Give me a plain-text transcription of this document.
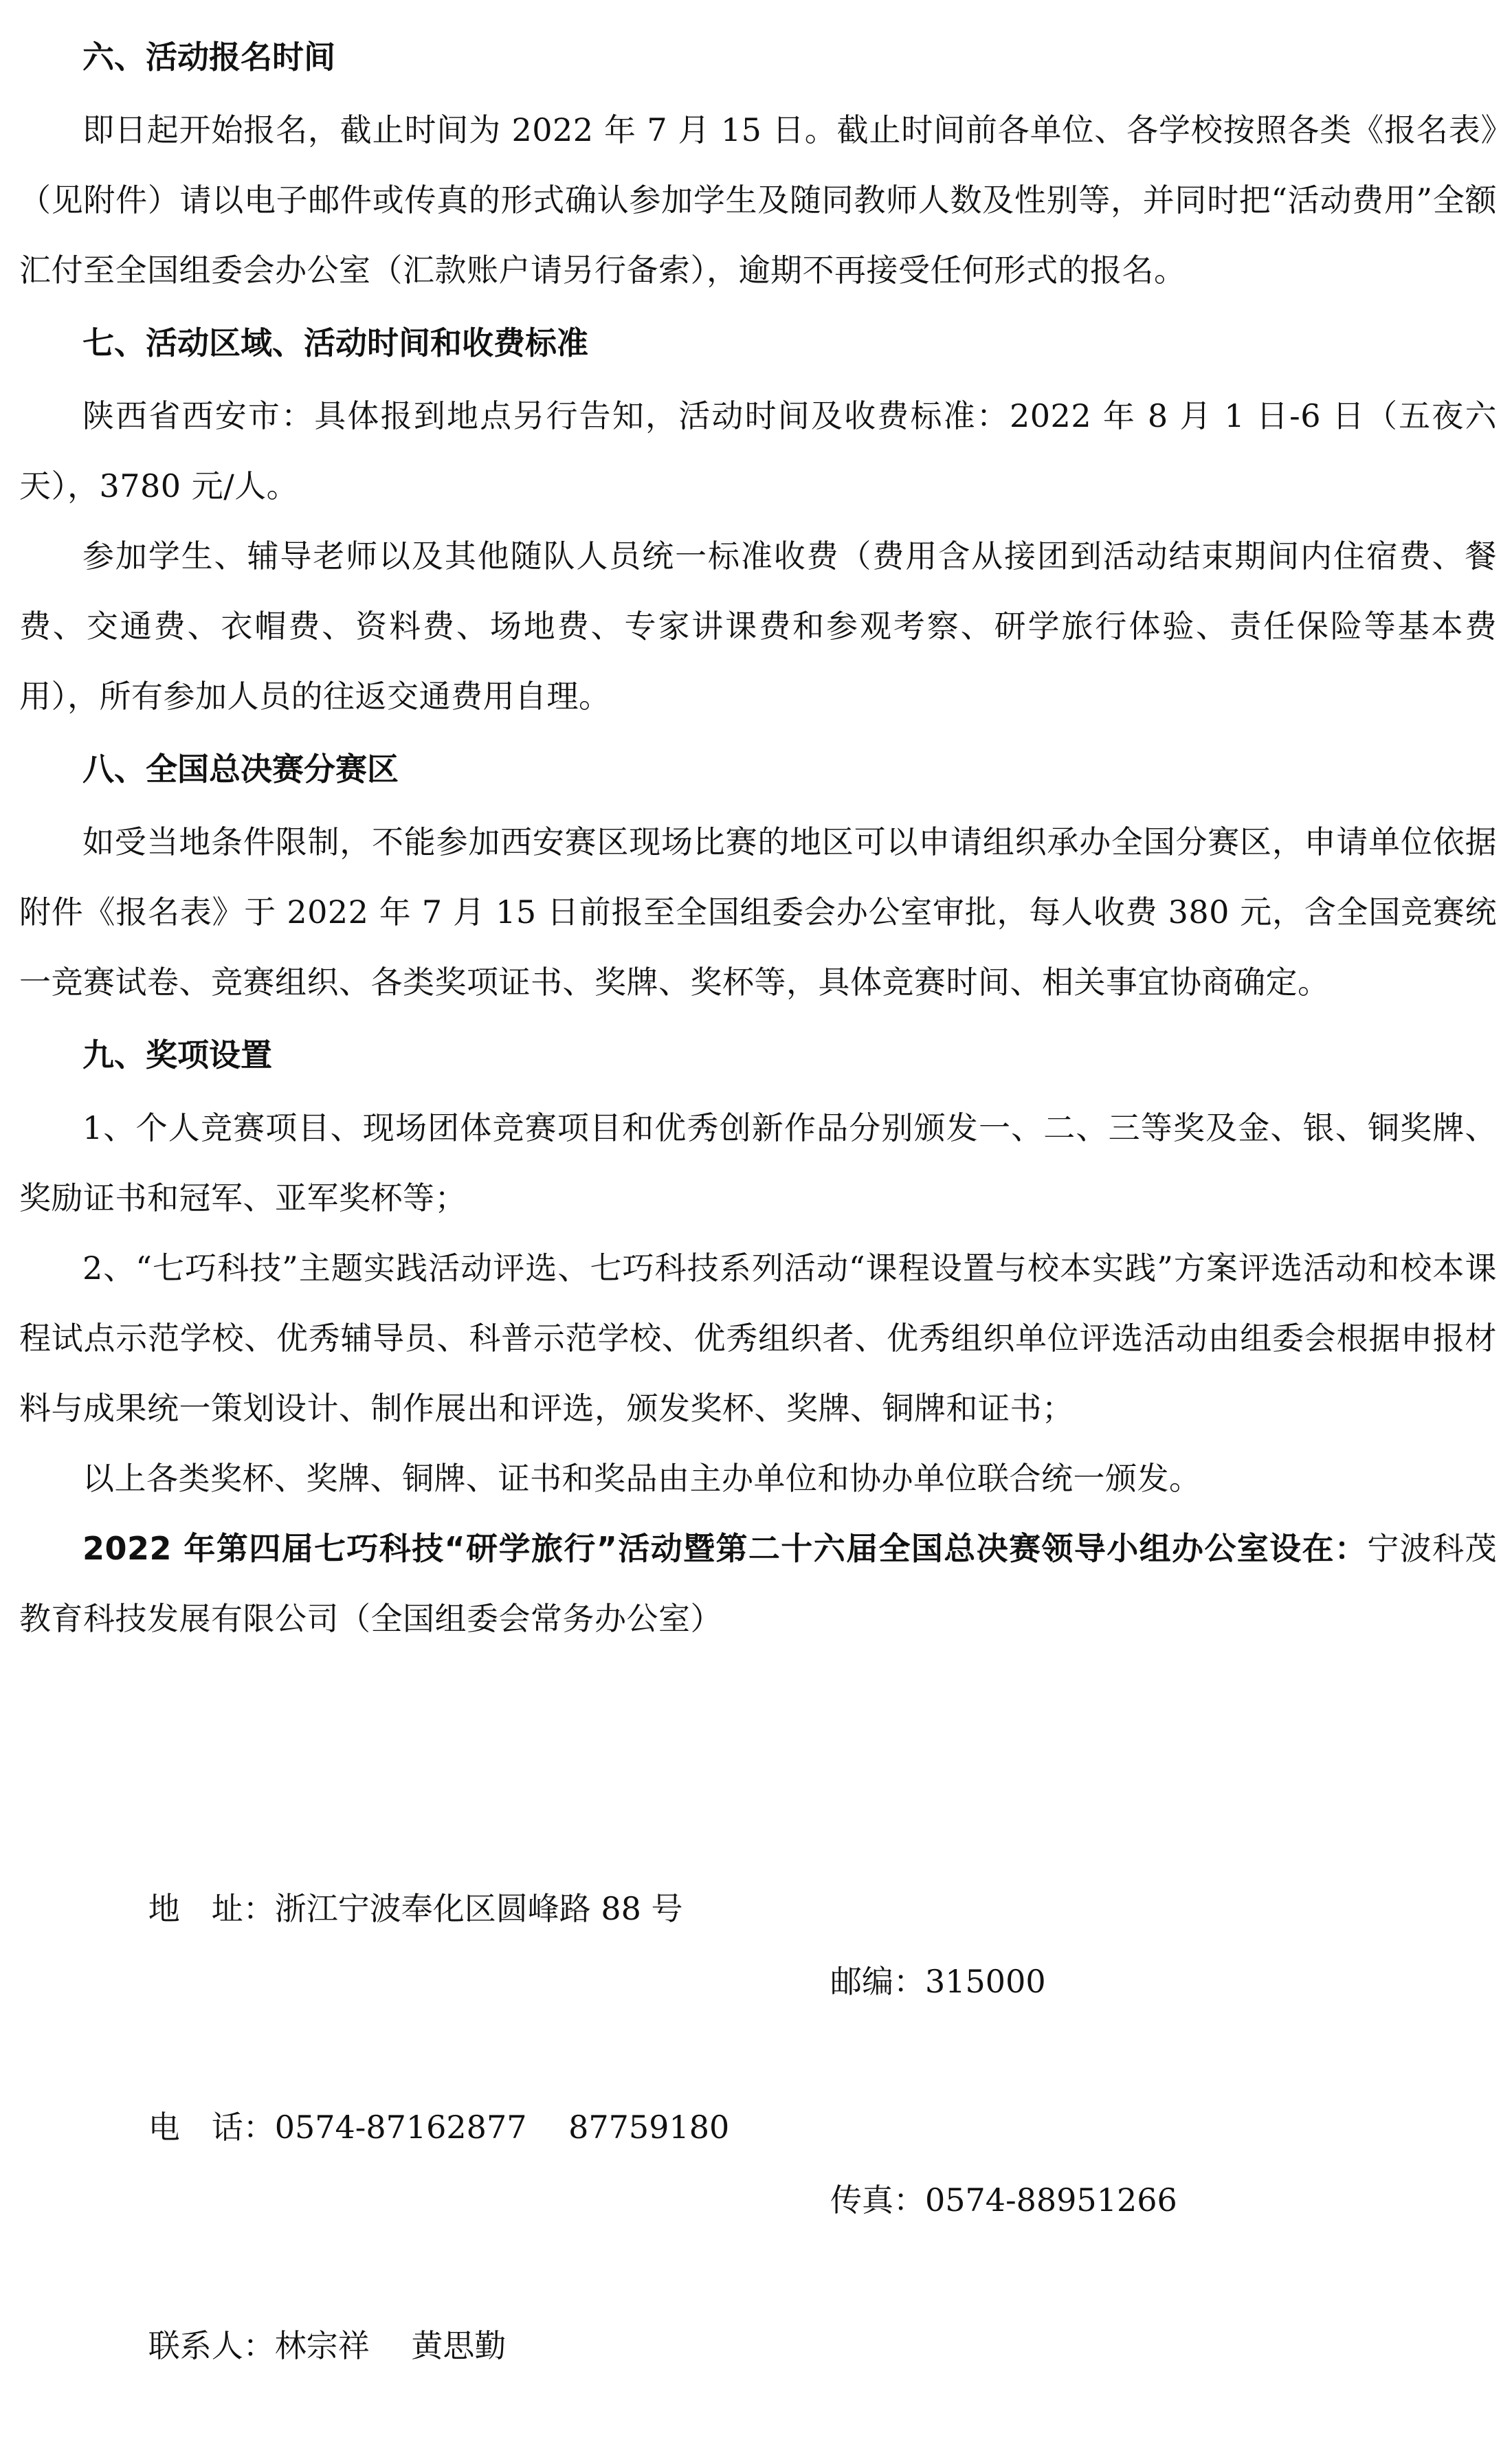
六、活动报名时间

即日起开始报名，截止时间为 2022 年 7 月 15 日。截止时间前各单位、各学校按照各类《报名表》（见附件）请以电子邮件或传真的形式确认参加学生及随同教师人数及性别等，并同时把“活动费用”全额汇付至全国组委会办公室（汇款账户请另行备索），逾期不再接受任何形式的报名。

七、活动区域、活动时间和收费标准

陕西省西安市：具体报到地点另行告知，活动时间及收费标准：2022 年 8 月 1 日-6 日（五夜六天），3780 元/人。

参加学生、辅导老师以及其他随队人员统一标准收费（费用含从接团到活动结束期间内住宿费、餐费、交通费、衣帽费、资料费、场地费、专家讲课费和参观考察、研学旅行体验、责任保险等基本费用），所有参加人员的往返交通费用自理。

八、全国总决赛分赛区

如受当地条件限制，不能参加西安赛区现场比赛的地区可以申请组织承办全国分赛区，申请单位依据附件《报名表》于 2022 年 7 月 15 日前报至全国组委会办公室审批，每人收费 380 元，含全国竞赛统一竞赛试卷、竞赛组织、各类奖项证书、奖牌、奖杯等，具体竞赛时间、相关事宜协商确定。

九、奖项设置

1、个人竞赛项目、现场团体竞赛项目和优秀创新作品分别颁发一、二、三等奖及金、银、铜奖牌、奖励证书和冠军、亚军奖杯等；

2、“七巧科技”主题实践活动评选、七巧科技系列活动“课程设置与校本实践”方案评选活动和校本课程试点示范学校、优秀辅导员、科普示范学校、优秀组织者、优秀组织单位评选活动由组委会根据申报材料与成果统一策划设计、制作展出和评选，颁发奖杯、奖牌、铜牌和证书；

以上各类奖杯、奖牌、铜牌、证书和奖品由主办单位和协办单位联合统一颁发。

2022 年第四届七巧科技“研学旅行”活动暨第二十六届全国总决赛领导小组办公室设在：宁波科茂教育科技发展有限公司（全国组委会常务办公室）

地　址：浙江宁波奉化区圆峰路 88 号

邮编：315000

电　话：0574-87162877　 87759180

传真：0574-88951266

联系人：林宗祥　 黄思勤
